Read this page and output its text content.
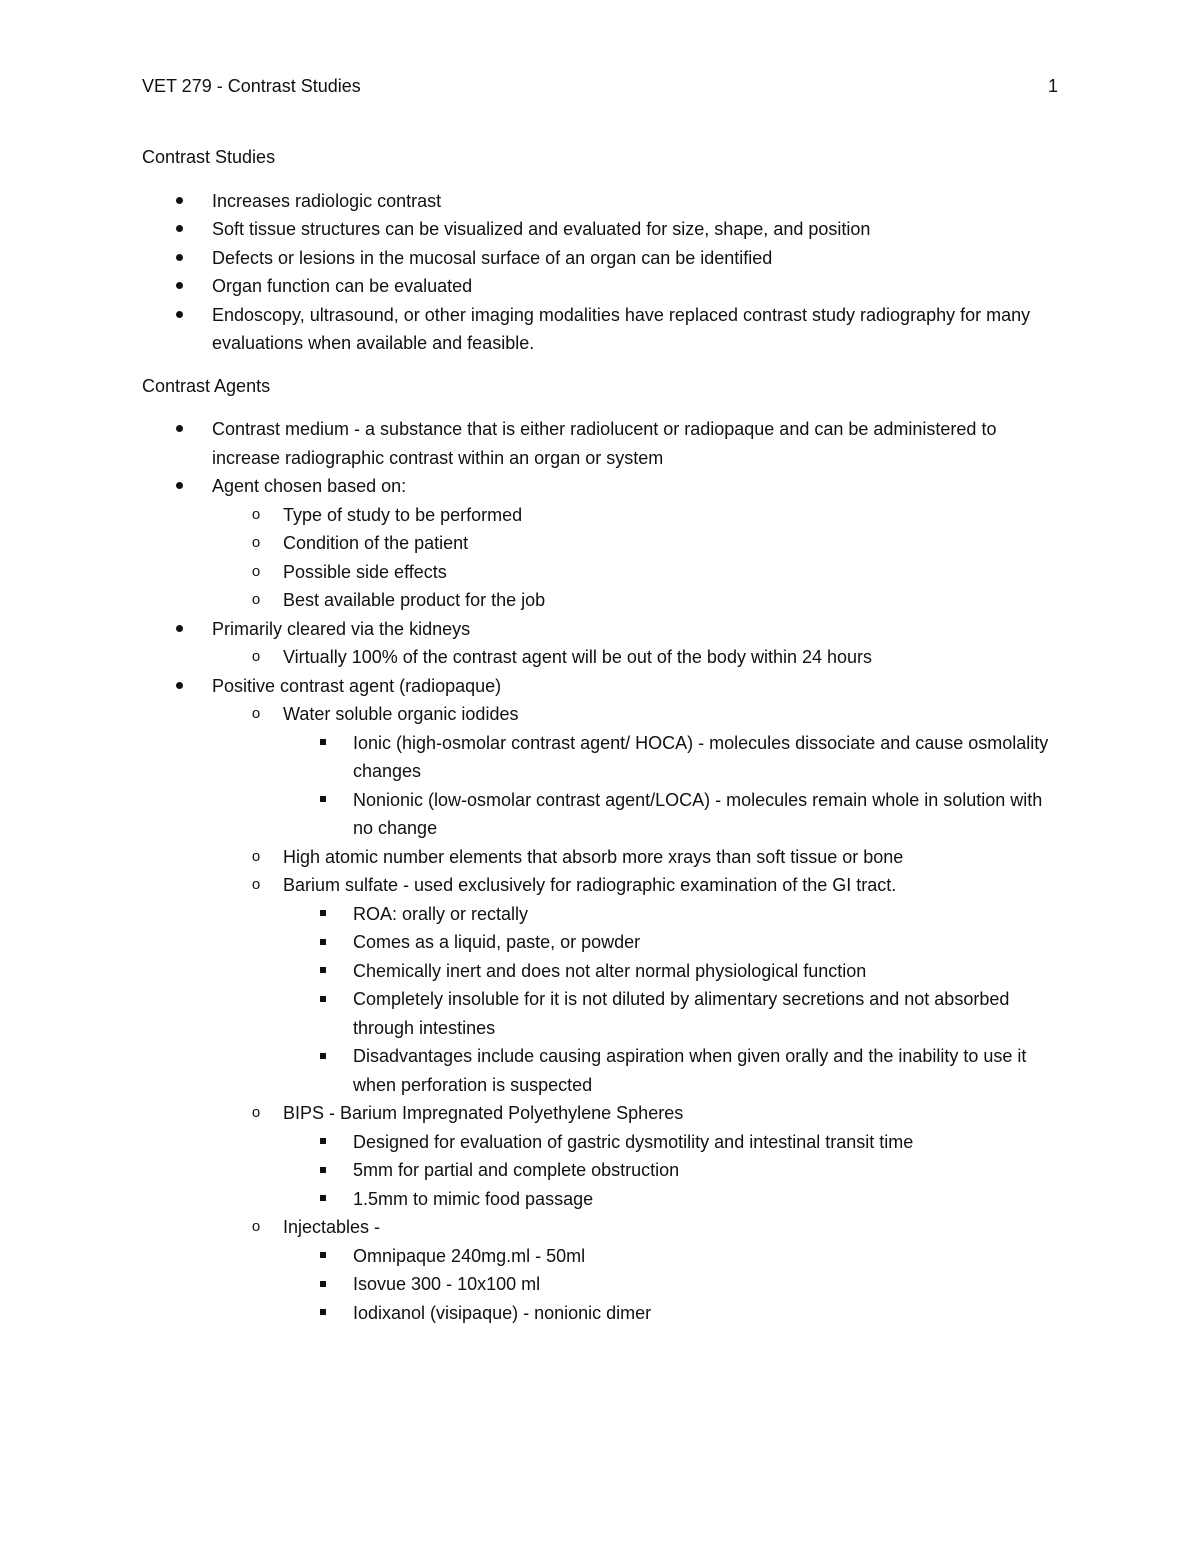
VET 279 - Contrast Studies	1
Contrast Studies
Increases radiologic contrast
Soft tissue structures can be visualized and evaluated for size, shape, and position
Defects or lesions in the mucosal surface of an organ can be identified
Organ function can be evaluated
Endoscopy, ultrasound, or other imaging modalities have replaced contrast study radiography for many evaluations when available and feasible.
Contrast Agents
Contrast medium - a substance that is either radiolucent or radiopaque and can be administered to increase radiographic contrast within an organ or system
Agent chosen based on:
o Type of study to be performed
o Condition of the patient
o Possible side effects
o Best available product for the job
Primarily cleared via the kidneys
o Virtually 100% of the contrast agent will be out of the body within 24 hours
Positive contrast agent (radiopaque)
o Water soluble organic iodides
Ionic (high-osmolar contrast agent/ HOCA) - molecules dissociate and cause osmolality changes
Nonionic (low-osmolar contrast agent/LOCA) - molecules remain whole in solution with no change
o High atomic number elements that absorb more xrays than soft tissue or bone
o Barium sulfate - used exclusively for radiographic examination of the GI tract.
ROA: orally or rectally
Comes as a liquid, paste, or powder
Chemically inert and does not alter normal physiological function
Completely insoluble for it is not diluted by alimentary secretions and not absorbed through intestines
Disadvantages include causing aspiration when given orally and the inability to use it when perforation is suspected
o BIPS - Barium Impregnated Polyethylene Spheres
Designed for evaluation of gastric dysmotility and intestinal transit time
5mm for partial and complete obstruction
1.5mm to mimic food passage
o Injectables -
Omnipaque 240mg.ml - 50ml
Isovue 300 - 10x100 ml
Iodixanol (visipaque) - nonionic dimer
